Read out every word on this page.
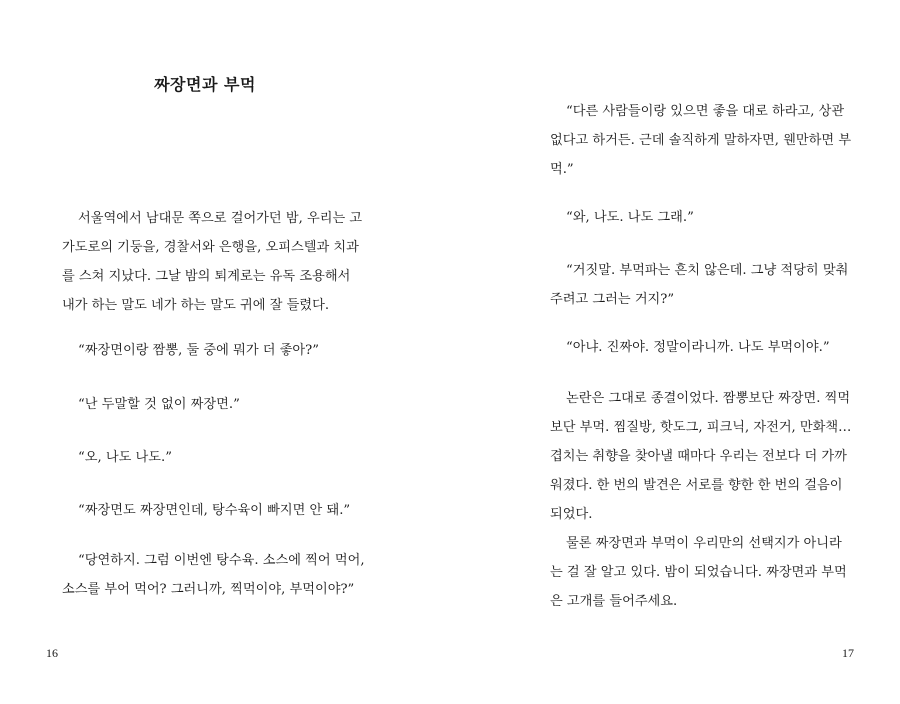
짜장면과 부먹
서울역에서 남대문 쪽으로 걸어가던 밤, 우리는 고
가도로의 기둥을, 경찰서와 은행을, 오피스텔과 치과
를 스쳐 지났다. 그날 밤의 퇴계로는 유독 조용해서
내가 하는 말도 네가 하는 말도 귀에 잘 들렸다.
“짜장면이랑 짬뽕, 둘 중에 뭐가 더 좋아?”
“난 두말할 것 없이 짜장면.”
“오, 나도 나도.”
“짜장면도 짜장면인데, 탕수육이 빠지면 안 돼.”
“당연하지. 그럼 이번엔 탕수육. 소스에 찍어 먹어,
소스를 부어 먹어? 그러니까, 찍먹이야, 부먹이야?”
16
“다른 사람들이랑 있으면 좋을 대로 하라고, 상관
없다고 하거든. 근데 솔직하게 말하자면, 웬만하면 부
먹.”
“와, 나도. 나도 그래.”
“거짓말. 부먹파는 흔치 않은데. 그냥 적당히 맞춰
주려고 그러는 거지?”
“아냐. 진짜야. 정말이라니까. 나도 부먹이야.”
논란은 그대로 종결이었다. 짬뽕보단 짜장면. 찍먹
보단 부먹. 찜질방, 핫도그, 피크닉, 자전거, 만화책…
겹치는 취향을 찾아낼 때마다 우리는 전보다 더 가까
워졌다. 한 번의 발견은 서로를 향한 한 번의 걸음이
되었다.
물론 짜장면과 부먹이 우리만의 선택지가 아니라
는 걸 잘 알고 있다. 밤이 되었습니다. 짜장면과 부먹
은 고개를 들어주세요.
17
